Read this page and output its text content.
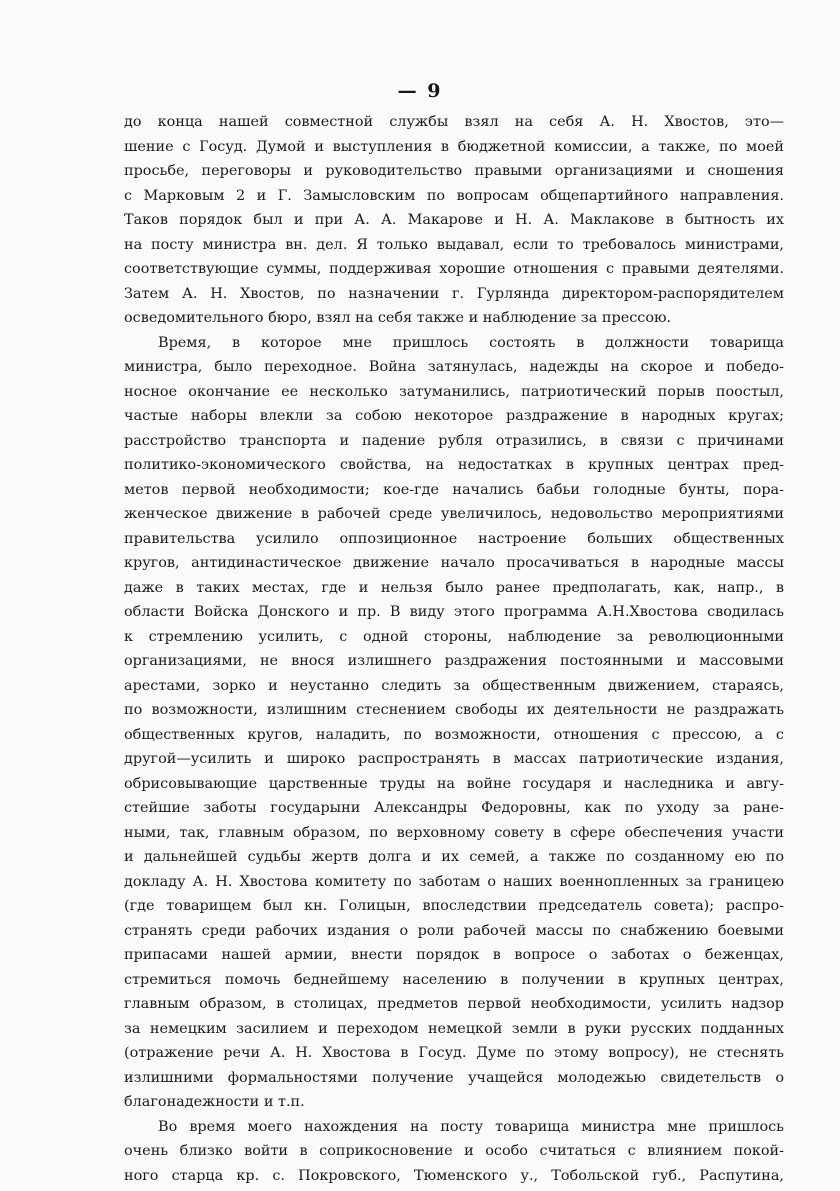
— 9
до конца нашей совместной службы взял на себя А. Н. Хвостов, это—
шение с Госуд. Думой и выступления в бюджетной комиссии, а также, по моей
просьбе, переговоры и руководительство правыми организациями и сношения
с Марковым 2 и Г. Замысловским по вопросам общепартийного направления.
Таков порядок был и при А. А. Макарове и Н. А. Маклакове в бытность их
на посту министра вн. дел. Я только выдавал, если то требовалось министрами,
соответствующие суммы, поддерживая хорошие отношения с правыми деятелями.
Затем А. Н. Хвостов, по назначении г. Гурлянда директором-распорядителем
осведомительного бюро, взял на себя также и наблюдение за прессою.
Время, в которое мне пришлось состоять в должности товарища
министра, было переходное. Война затянулась, надежды на скорое и победо-
носное окончание ее несколько затуманились, патриотический порыв поостыл,
частые наборы влекли за собою некоторое раздражение в народных кругах;
расстройство транспорта и падение рубля отразились, в связи с причинами
политико-экономического свойства, на недостатках в крупных центрах пред-
метов первой необходимости; кое-где начались бабьи голодные бунты, пора-
женческое движение в рабочей среде увеличилось, недовольство мероприятиями
правительства усилило оппозиционное настроение больших общественных
кругов, антидинастическое движение начало просачиваться в народные массы
даже в таких местах, где и нельзя было ранее предполагать, как, напр., в
области Войска Донского и пр. В виду этого программа А.Н.Хвостова сводилась
к стремлению усилить, с одной стороны, наблюдение за революционными
организациями, не внося излишнего раздражения постоянными и массовыми
арестами, зорко и неустанно следить за общественным движением, стараясь,
по возможности, излишним стеснением свободы их деятельности не раздражать
общественных кругов, наладить, по возможности, отношения с прессою, а с
другой—усилить и широко распространять в массах патриотические издания,
обрисовывающие царственные труды на войне государя и наследника и авгу-
стейшие заботы государыни Александры Федоровны, как по уходу за ране-
ными, так, главным образом, по верховному совету в сфере обеспечения участи
и дальнейшей судьбы жертв долга и их семей, а также по созданному ею по
докладу А. Н. Хвостова комитету по заботам о наших военнопленных за границею
(где товарищем был кн. Голицын, впоследствии председатель совета); распро-
странять среди рабочих издания о роли рабочей массы по снабжению боевыми
припасами нашей армии, внести порядок в вопросе о заботах о беженцах,
стремиться помочь беднейшему населению в получении в крупных центрах,
главным образом, в столицах, предметов первой необходимости, усилить надзор
за немецким засилием и переходом немецкой земли в руки русских подданных
(отражение речи А. Н. Хвостова в Госуд. Думе по этому вопросу), не стеснять
излишними формальностями получение учащейся молодежью свидетельств о
благонадежности и т.п.
Во время моего нахождения на посту товарища министра мне пришлось
очень близко войти в соприкосновение и особо считаться с влиянием покой-
ного старца кр. с. Покровского, Тюменского у., Тобольской губ., Распутина,
